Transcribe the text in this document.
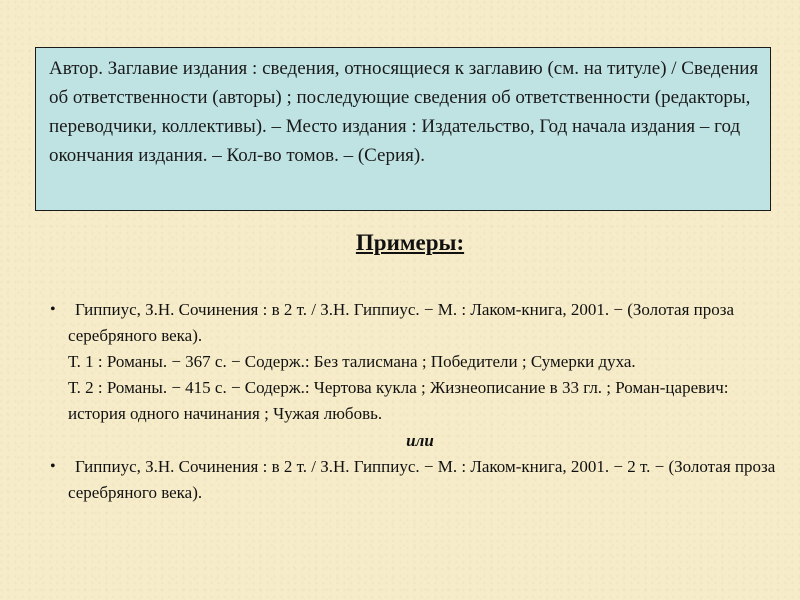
Автор. Заглавие издания : сведения, относящиеся к заглавию (см. на титуле) / Сведения об ответственности (авторы) ; последующие сведения об ответственности (редакторы, переводчики, коллективы). – Место издания : Издательство, Год начала издания – год окончания издания. – Кол-во томов. – (Серия).

Примеры:
•	Гиппиус, З.Н. Сочинения : в 2 т. / З.Н. Гиппиус. − М. : Лаком-книга, 2001. − (Золотая проза серебряного века).

Т. 1 : Романы. − 367 с. − Содерж.: Без талисмана ; Победители ; Сумерки духа.

Т. 2 : Романы. − 415 с. − Содерж.: Чертова кукла ; Жизнеописание в 33 гл. ; Роман-царевич: история одного начинания ; Чужая любовь.

или
•	Гиппиус, З.Н. Сочинения : в 2 т. / З.Н. Гиппиус. − М. : Лаком-книга, 2001. − 2 т. − (Золотая проза серебряного века).
